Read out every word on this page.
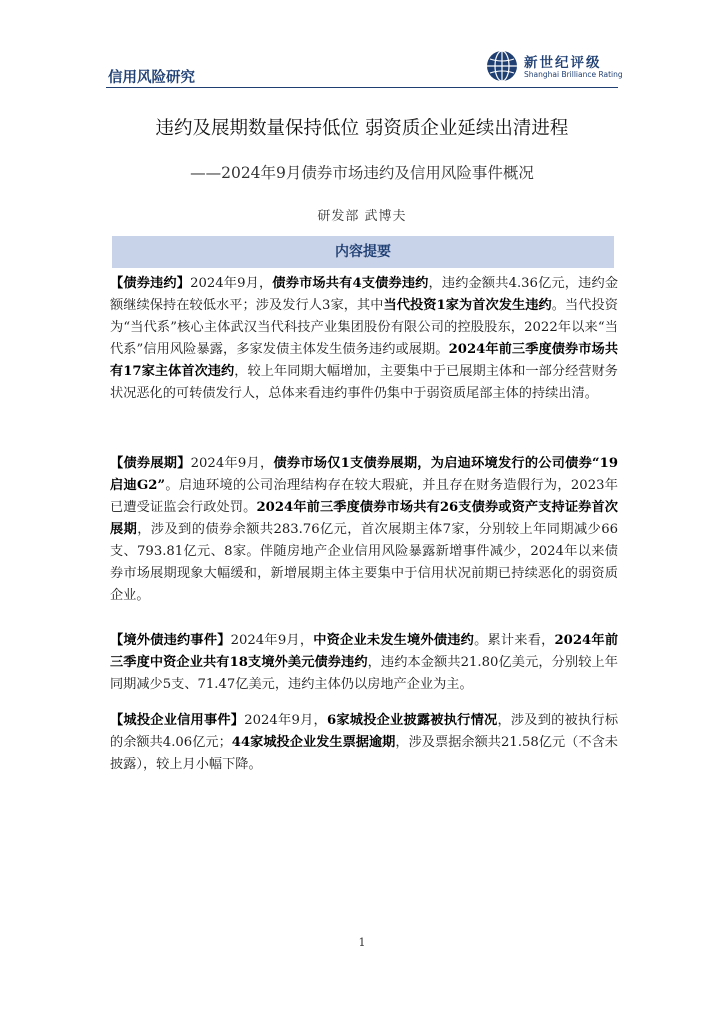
信用风险研究
新世纪评级
Shanghai Brilliance Rating
违约及展期数量保持低位 弱资质企业延续出清进程
——2024年9月债券市场违约及信用风险事件概况
研发部 武博夫
内容提要
【债券违约】2024年9月，债券市场共有4支债券违约，违约金额共4.36亿元，违约金额继续保持在较低水平；涉及发行人3家，其中当代投资1家为首次发生违约。当代投资为“当代系”核心主体武汉当代科技产业集团股份有限公司的控股股东，2022年以来“当代系”信用风险暴露，多家发债主体发生债务违约或展期。2024年前三季度债券市场共有17家主体首次违约，较上年同期大幅增加，主要集中于已展期主体和一部分经营财务状况恶化的可转债发行人，总体来看违约事件仍集中于弱资质尾部主体的持续出清。
【债券展期】2024年9月，债券市场仅1支债券展期，为启迪环境发行的公司债券“19启迪G2”。启迪环境的公司治理结构存在较大瑕疵，并且存在财务造假行为，2023年已遭受证监会行政处罚。2024年前三季度债券市场共有26支债券或资产支持证券首次展期，涉及到的债券余额共283.76亿元，首次展期主体7家，分别较上年同期减少66支、793.81亿元、8家。伴随房地产企业信用风险暴露新增事件减少，2024年以来债券市场展期现象大幅缓和，新增展期主体主要集中于信用状况前期已持续恶化的弱资质企业。
【境外债违约事件】2024年9月，中资企业未发生境外债违约。累计来看，2024年前三季度中资企业共有18支境外美元债券违约，违约本金额共21.80亿美元，分别较上年同期减少5支、71.47亿美元，违约主体仍以房地产企业为主。
【城投企业信用事件】2024年9月，6家城投企业披露被执行情况，涉及到的被执行标的余额共4.06亿元；44家城投企业发生票据逾期，涉及票据余额共21.58亿元（不含未披露），较上月小幅下降。
1
